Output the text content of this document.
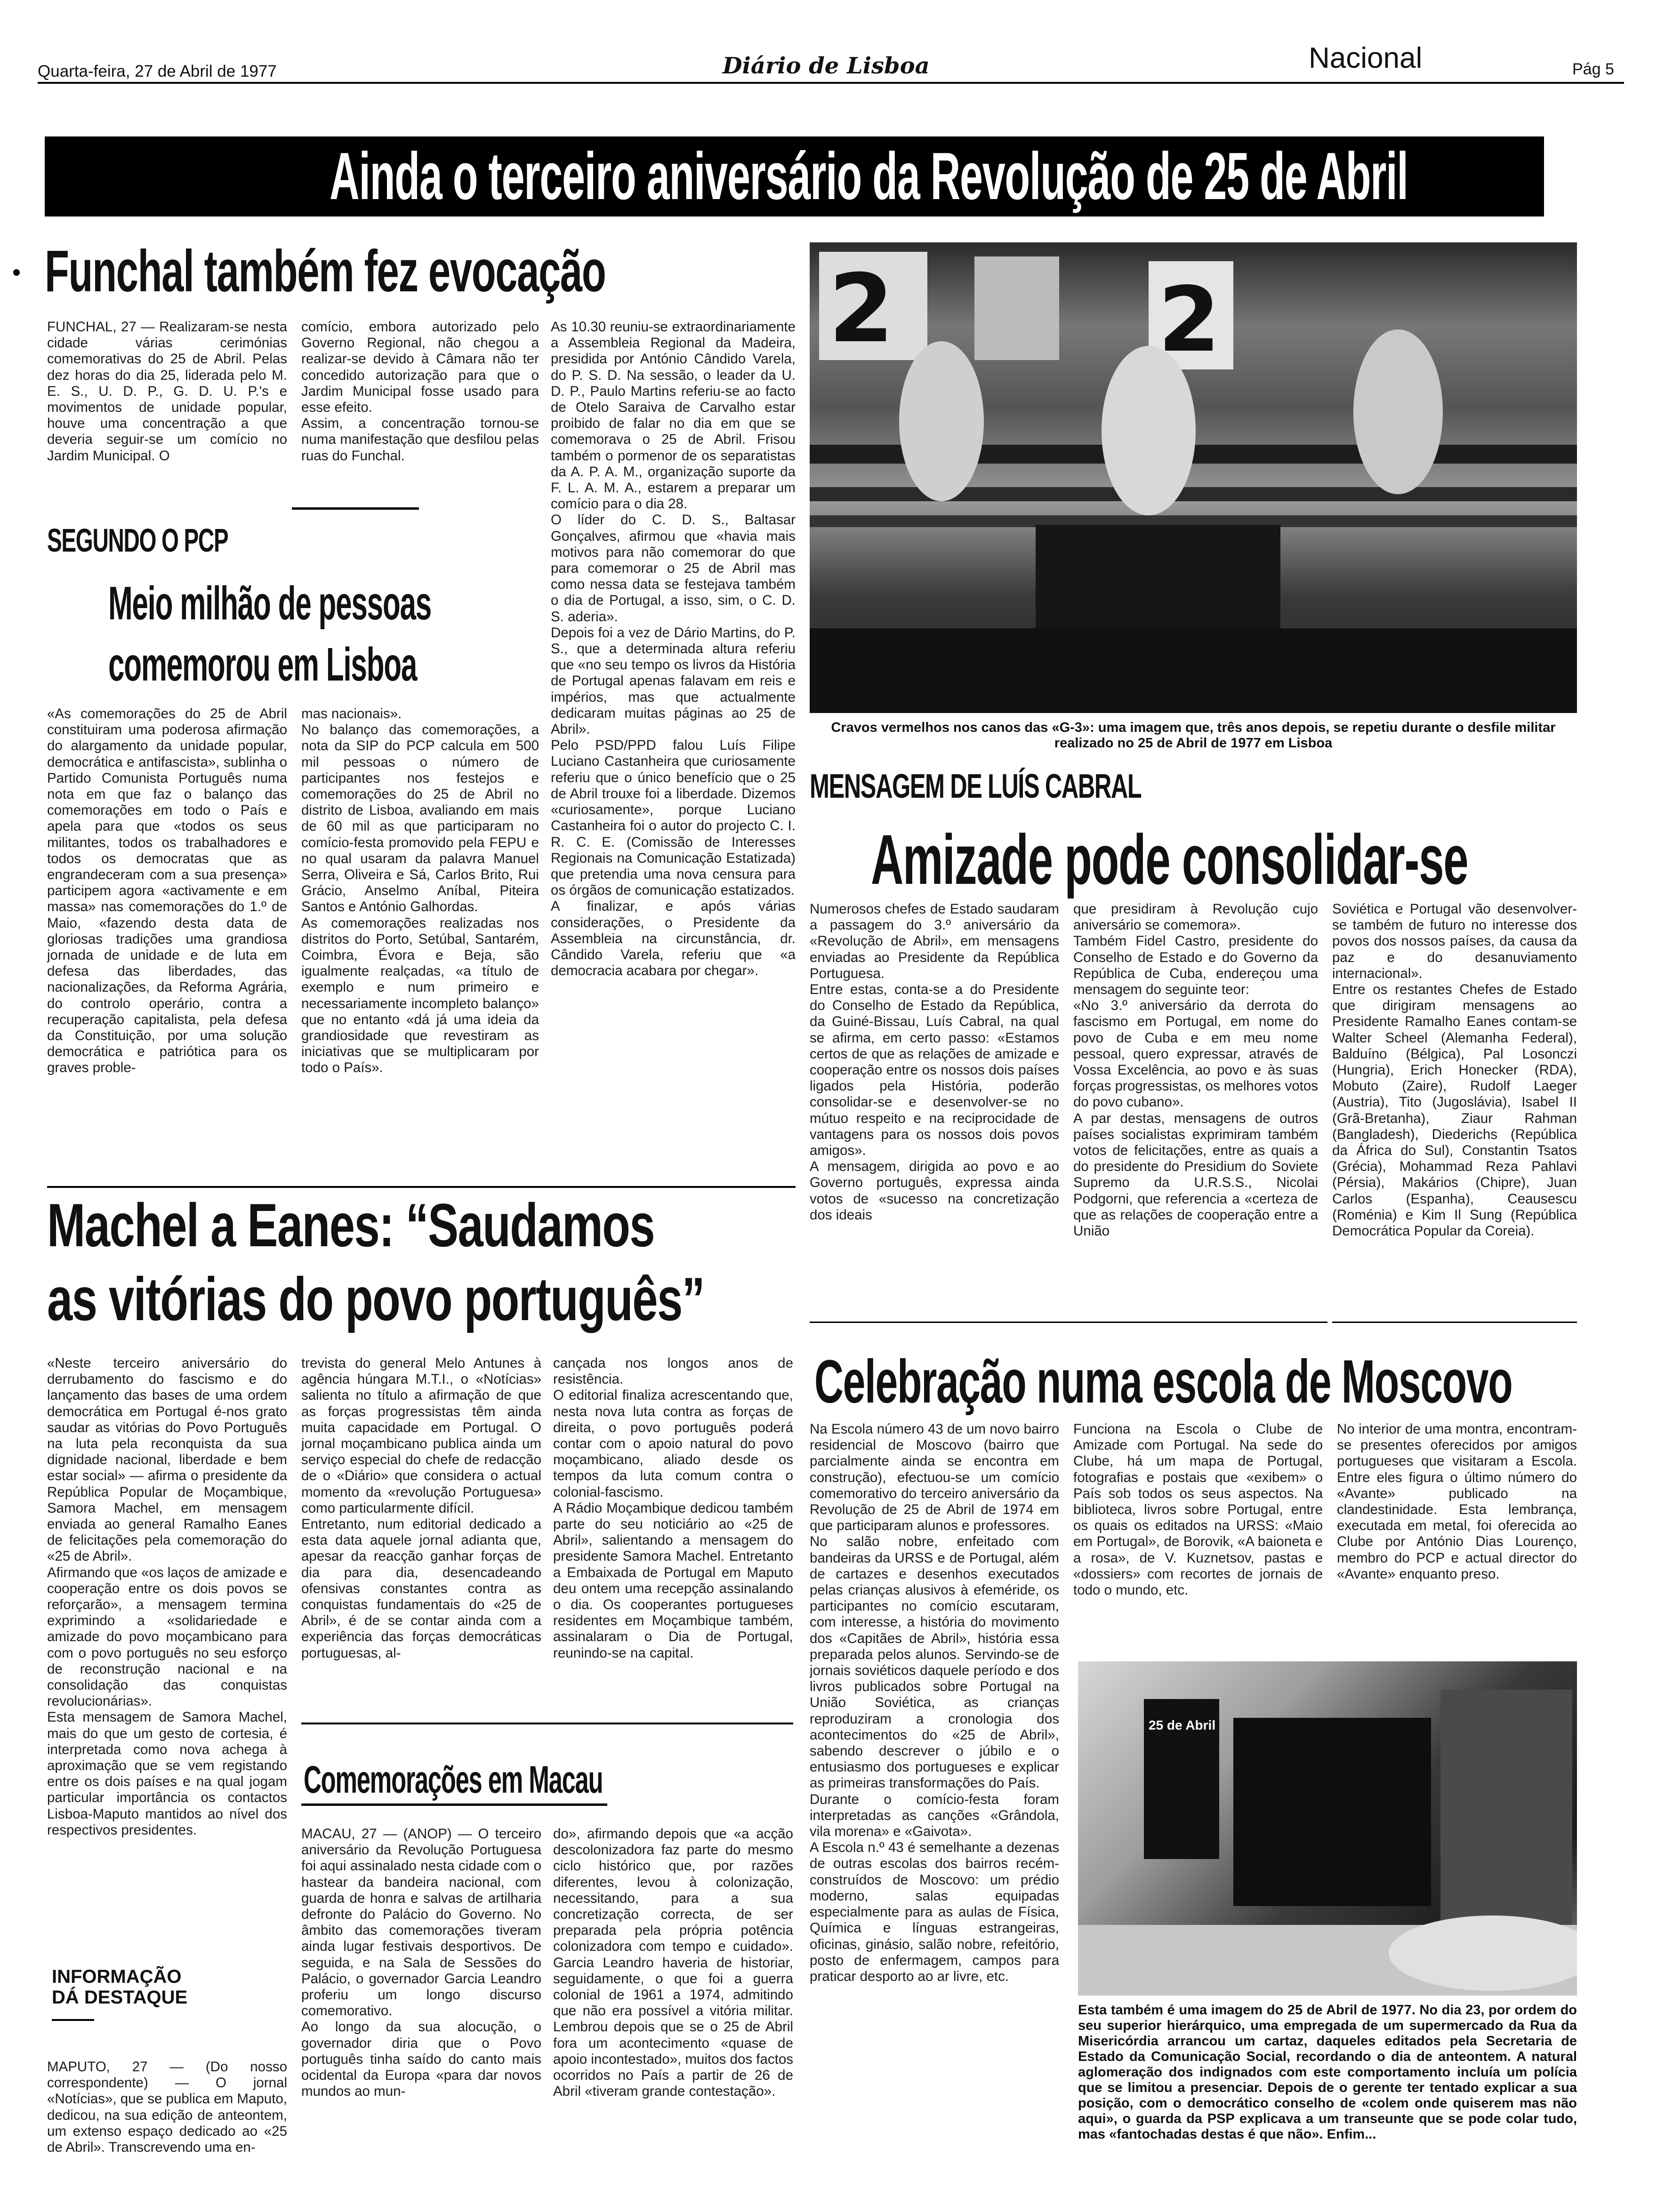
Quarta-feira, 27 de Abril de 1977	Diário de Lisboa	Nacional	Pág 5
Ainda o terceiro aniversário da Revolução de 25 de Abril
Funchal também fez evocação
FUNCHAL, 27 — Realizaram-se nesta cidade várias cerimónias comemorativas do 25 de Abril. Pelas dez horas do dia 25, liderada pelo M. E. S., U. D. P., G. D. U. P.'s e movimentos de unidade popular, houve uma concentração a que deveria seguir-se um comício no Jardim Municipal. O
comício, embora autorizado pelo Governo Regional, não chegou a realizar-se devido à Câmara não ter concedido autorização para que o Jardim Municipal fosse usado para esse efeito.
Assim, a concentração tornou-se numa manifestação que desfilou pelas ruas do Funchal.
As 10.30 reuniu-se extraordinariamente a Assembleia Regional da Madeira, presidida por António Cândido Varela, do P. S. D. Na sessão, o leader da U. D. P., Paulo Martins referiu-se ao facto de Otelo Saraiva de Carvalho estar proibido de falar no dia em que se comemorava o 25 de Abril. Frisou também o pormenor de os separatistas da A. P. A. M., organização suporte da F. L. A. M. A., estarem a preparar um comício para o dia 28.
O líder do C. D. S., Baltasar Gonçalves, afirmou que «havia mais motivos para não comemorar do que para comemorar o 25 de Abril mas como nessa data se festejava também o dia de Portugal, a isso, sim, o C. D. S. aderia».
Depois foi a vez de Dário Martins, do P. S., que a determinada altura referiu que «no seu tempo os livros da História de Portugal apenas falavam em reis e impérios, mas que actualmente dedicaram muitas páginas ao 25 de Abril».
Pelo PSD/PPD falou Luís Filipe Luciano Castanheira que curiosamente referiu que o único benefício que o 25 de Abril trouxe foi a liberdade. Dizemos «curiosamente», porque Luciano Castanheira foi o autor do projecto C. I. R. C. E. (Comissão de Interesses Regionais na Comunicação Estatizada) que pretendia uma nova censura para os órgãos de comunicação estatizados.
A finalizar, e após várias considerações, o Presidente da Assembleia na circunstância, dr. Cândido Varela, referiu que «a democracia acabara por chegar».
SEGUNDO O PCP
Meio milhão de pessoas
comemorou em Lisboa
«As comemorações do 25 de Abril constituiram uma poderosa afirmação do alargamento da unidade popular, democrática e antifascista», sublinha o Partido Comunista Português numa nota em que faz o balanço das comemorações em todo o País e apela para que «todos os seus militantes, todos os trabalhadores e todos os democratas que as engrandeceram com a sua presença» participem agora «activamente e em massa» nas comemorações do 1.º de Maio, «fazendo desta data de gloriosas tradições uma grandiosa jornada de unidade e de luta em defesa das liberdades, das nacionalizações, da Reforma Agrária, do controlo operário, contra a recuperação capitalista, pela defesa da Constituição, por uma solução democrática e patriótica para os graves proble-
mas nacionais».
No balanço das comemorações, a nota da SIP do PCP calcula em 500 mil pessoas o número de participantes nos festejos e comemorações do 25 de Abril no distrito de Lisboa, avaliando em mais de 60 mil as que participaram no comício-festa promovido pela FEPU e no qual usaram da palavra Manuel Serra, Oliveira e Sá, Carlos Brito, Rui Grácio, Anselmo Aníbal, Piteira Santos e António Galhordas.
As comemorações realizadas nos distritos do Porto, Setúbal, Santarém, Coimbra, Évora e Beja, são igualmente realçadas, «a título de exemplo e num primeiro e necessariamente incompleto balanço» que no entanto «dá já uma ideia da grandiosidade que revestiram as iniciativas que se multiplicaram por todo o País».
2	2
Cravos vermelhos nos canos das «G-3»: uma imagem que, três anos depois, se repetiu durante o desfile militar realizado no 25 de Abril de 1977 em Lisboa
MENSAGEM DE LUÍS CABRAL
Amizade pode consolidar-se
Numerosos chefes de Estado saudaram a passagem do 3.º aniversário da «Revolução de Abril», em mensagens enviadas ao Presidente da República Portuguesa.
Entre estas, conta-se a do Presidente do Conselho de Estado da República, da Guiné-Bissau, Luís Cabral, na qual se afirma, em certo passo: «Estamos certos de que as relações de amizade e cooperação entre os nossos dois países ligados pela História, poderão consolidar-se e desenvolver-se no mútuo respeito e na reciprocidade de vantagens para os nossos dois povos amigos».
A mensagem, dirigida ao povo e ao Governo português, expressa ainda votos de «sucesso na concretização dos ideais
que presidiram à Revolução cujo aniversário se comemora».
Também Fidel Castro, presidente do Conselho de Estado e do Governo da República de Cuba, endereçou uma mensagem do seguinte teor:
«No 3.º aniversário da derrota do fascismo em Portugal, em nome do povo de Cuba e em meu nome pessoal, quero expressar, através de Vossa Excelência, ao povo e às suas forças progressistas, os melhores votos do povo cubano».
A par destas, mensagens de outros países socialistas exprimiram também votos de felicitações, entre as quais a do presidente do Presidium do Soviete Supremo da U.R.S.S., Nicolai Podgorni, que referencia a «certeza de que as relações de cooperação entre a União
Soviética e Portugal vão desenvolver-se também de futuro no interesse dos povos dos nossos países, da causa da paz e do desanuviamento internacional».
Entre os restantes Chefes de Estado que dirigiram mensagens ao Presidente Ramalho Eanes contam-se Walter Scheel (Alemanha Federal), Balduíno (Bélgica), Pal Losonczi (Hungria), Erich Honecker (RDA), Mobuto (Zaire), Rudolf Laeger (Austria), Tito (Jugoslávia), Isabel II (Grã-Bretanha), Ziaur Rahman (Bangladesh), Diederichs (República da África do Sul), Constantin Tsatos (Grécia), Mohammad Reza Pahlavi (Pérsia), Makários (Chipre), Juan Carlos (Espanha), Ceausescu (Roménia) e Kim Il Sung (República Democrática Popular da Coreia).
Machel a Eanes: “Saudamos
as vitórias do povo português”
«Neste terceiro aniversário do derrubamento do fascismo e do lançamento das bases de uma ordem democrática em Portugal é-nos grato saudar as vitórias do Povo Português na luta pela reconquista da sua dignidade nacional, liberdade e bem estar social» — afirma o presidente da República Popular de Moçambique, Samora Machel, em mensagem enviada ao general Ramalho Eanes de felicitações pela comemoração do «25 de Abril».
Afirmando que «os laços de amizade e cooperação entre os dois povos se reforçarão», a mensagem termina exprimindo a «solidariedade e amizade do povo moçambicano para com o povo português no seu esforço de reconstrução nacional e na consolidação das conquistas revolucionárias».
Esta mensagem de Samora Machel, mais do que um gesto de cortesia, é interpretada como nova achega à aproximação que se vem registando entre os dois países e na qual jogam particular importância os contactos Lisboa-Maputo mantidos ao nível dos respectivos presidentes.
trevista do general Melo Antunes à agência húngara M.T.I., o «Notícias» salienta no título a afirmação de que as forças progressistas têm ainda muita capacidade em Portugal. O jornal moçambicano publica ainda um serviço especial do chefe de redacção de o «Diário» que considera o actual momento da «revolução Portuguesa» como particularmente difícil.
Entretanto, num editorial dedicado a esta data aquele jornal adianta que, apesar da reacção ganhar forças de dia para dia, desencadeando ofensivas constantes contra as conquistas fundamentais do «25 de Abril», é de se contar ainda com a experiência das forças democráticas portuguesas, al-
cançada nos longos anos de resistência.
O editorial finaliza acrescentando que, nesta nova luta contra as forças de direita, o povo português poderá contar com o apoio natural do povo moçambicano, aliado desde os tempos da luta comum contra o colonial-fascismo.
A Rádio Moçambique dedicou também parte do seu noticiário ao «25 de Abril», salientando a mensagem do presidente Samora Machel. Entretanto a Embaixada de Portugal em Maputo deu ontem uma recepção assinalando o dia. Os cooperantes portugueses residentes em Moçambique também, assinalaram o Dia de Portugal, reunindo-se na capital.
INFORMAÇÃO
DÁ DESTAQUE
MAPUTO, 27 — (Do nosso correspondente) — O jornal «Notícias», que se publica em Maputo, dedicou, na sua edição de anteontem, um extenso espaço dedicado ao «25 de Abril». Transcrevendo uma en-
Comemorações em Macau
MACAU, 27 — (ANOP) — O terceiro aniversário da Revolução Portuguesa foi aqui assinalado nesta cidade com o hastear da bandeira nacional, com guarda de honra e salvas de artilharia defronte do Palácio do Governo. No âmbito das comemorações tiveram ainda lugar festivais desportivos. De seguida, e na Sala de Sessões do Palácio, o governador Garcia Leandro proferiu um longo discurso comemorativo.
Ao longo da sua alocução, o governador diria que o Povo português tinha saído do canto mais ocidental da Europa «para dar novos mundos ao mun-
do», afirmando depois que «a acção descolonizadora faz parte do mesmo ciclo histórico que, por razões diferentes, levou à colonização, necessitando, para a sua concretização correcta, de ser preparada pela própria potência colonizadora com tempo e cuidado». Garcia Leandro haveria de historiar, seguidamente, o que foi a guerra colonial de 1961 a 1974, admitindo que não era possível a vitória militar. Lembrou depois que se o 25 de Abril fora um acontecimento «quase de apoio incontestado», muitos dos factos ocorridos no País a partir de 26 de Abril «tiveram grande contestação».
Celebração numa escola de Moscovo
Na Escola número 43 de um novo bairro residencial de Moscovo (bairro que parcialmente ainda se encontra em construção), efectuou-se um comício comemorativo do terceiro aniversário da Revolução de 25 de Abril de 1974 em que participaram alunos e professores.
No salão nobre, enfeitado com bandeiras da URSS e de Portugal, além de cartazes e desenhos executados pelas crianças alusivos à efeméride, os participantes no comício escutaram, com interesse, a história do movimento dos «Capitães de Abril», história essa preparada pelos alunos. Servindo-se de jornais soviéticos daquele período e dos livros publicados sobre Portugal na União Soviética, as crianças reproduziram a cronologia dos acontecimentos do «25 de Abril», sabendo descrever o júbilo e o entusiasmo dos portugueses e explicar as primeiras transformações do País.
Durante o comício-festa foram interpretadas as canções «Grândola, vila morena» e «Gaivota».
A Escola n.º 43 é semelhante a dezenas de outras escolas dos bairros recém-construídos de Moscovo: um prédio moderno, salas equipadas especialmente para as aulas de Física, Química e línguas estrangeiras, oficinas, ginásio, salão nobre, refeitório, posto de enfermagem, campos para praticar desporto ao ar livre, etc.
Funciona na Escola o Clube de Amizade com Portugal. Na sede do Clube, há um mapa de Portugal, fotografias e postais que «exibem» o País sob todos os seus aspectos. Na biblioteca, livros sobre Portugal, entre os quais os editados na URSS: «Maio em Portugal», de Borovik, «A baioneta e a rosa», de V. Kuznetsov, pastas e «dossiers» com recortes de jornais de todo o mundo, etc.
No interior de uma montra, encontram-se presentes oferecidos por amigos portugueses que visitaram a Escola. Entre eles figura o último número do «Avante» publicado na clandestinidade. Esta lembrança, executada em metal, foi oferecida ao Clube por António Dias Lourenço, membro do PCP e actual director do «Avante» enquanto preso.
25 de Abril
Esta também é uma imagem do 25 de Abril de 1977. No dia 23, por ordem do seu superior hierárquico, uma empregada de um supermercado da Rua da Misericórdia arrancou um cartaz, daqueles editados pela Secretaria de Estado da Comunicação Social, recordando o dia de anteontem. A natural aglomeração dos indignados com este comportamento incluía um polícia que se limitou a presenciar. Depois de o gerente ter tentado explicar a sua posição, com o democrático conselho de «colem onde quiserem mas não aqui», o guarda da PSP explicava a um transeunte que se pode colar tudo, mas «fantochadas destas é que não». Enfim...
